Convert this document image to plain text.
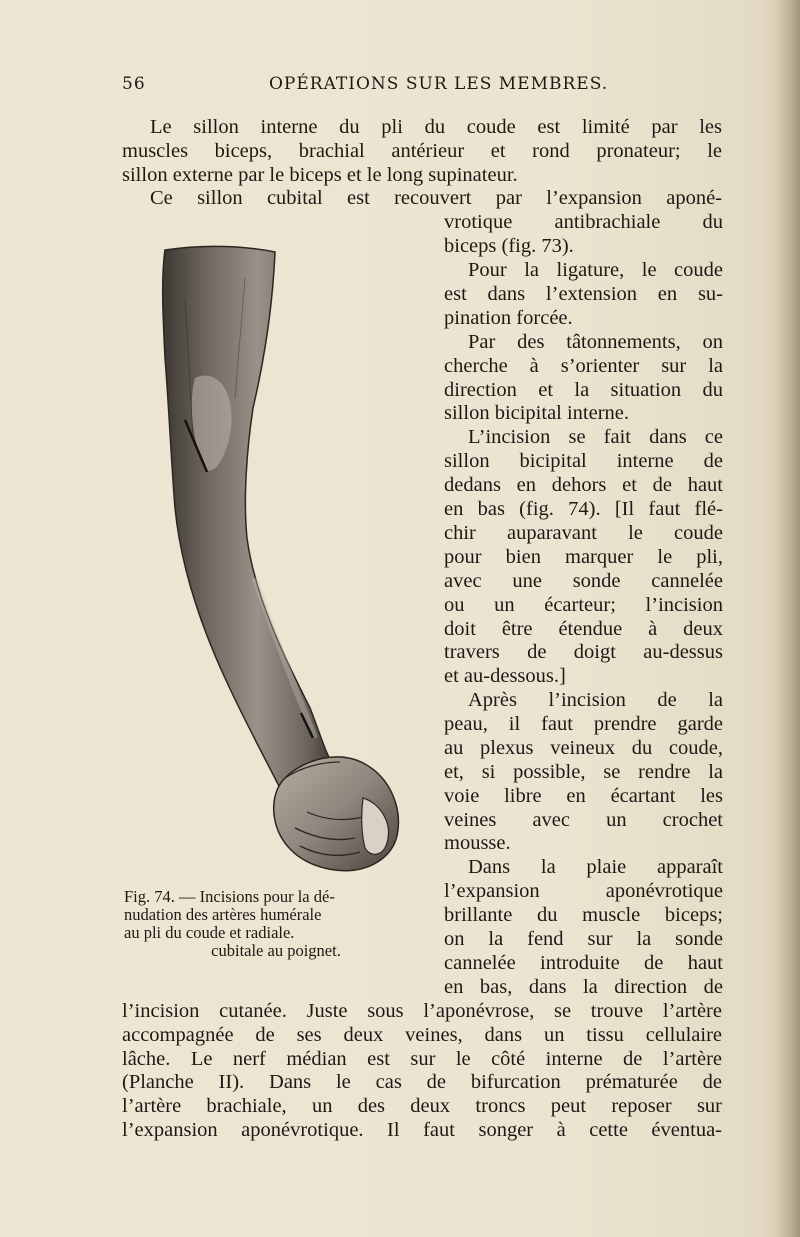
56	OPÉRATIONS SUR LES MEMBRES.
Le sillon interne du pli du coude est limité par les
muscles biceps, brachial antérieur et rond pronateur; le
sillon externe par le biceps et le long supinateur.
Ce sillon cubital est recouvert par l’expansion aponé-
vrotique antibrachiale du
biceps (fig. 73).
Pour la ligature, le coude
est dans l’extension en su-
pination forcée.
Par des tâtonnements, on
cherche à s’orienter sur la
direction et la situation du
sillon bicipital interne.
L’incision se fait dans ce
sillon bicipital interne de
dedans en dehors et de haut
en bas (fig. 74). [Il faut flé-
chir auparavant le coude
pour bien marquer le pli,
avec une sonde cannelée
ou un écarteur; l’incision
doit être étendue à deux
travers de doigt au-dessus
et au-dessous.]
Après l’incision de la
peau, il faut prendre garde
au plexus veineux du coude,
et, si possible, se rendre la
voie libre en écartant les
veines avec un crochet
mousse.
Dans la plaie apparaît
l’expansion aponévrotique
brillante du muscle biceps;
on la fend sur la sonde
cannelée introduite de haut
en bas, dans la direction de
l’incision cutanée. Juste sous l’aponévrose, se trouve l’artère
accompagnée de ses deux veines, dans un tissu cellulaire
lâche. Le nerf médian est sur le côté interne de l’artère
(Planche II). Dans le cas de bifurcation prématurée de
l’artère brachiale, un des deux troncs peut reposer sur
l’expansion aponévrotique. Il faut songer à cette éventua-
Fig. 74. — Incisions pour la dé-
nudation des artères humérale
au pli du coude et radiale.
cubitale au poignet.
